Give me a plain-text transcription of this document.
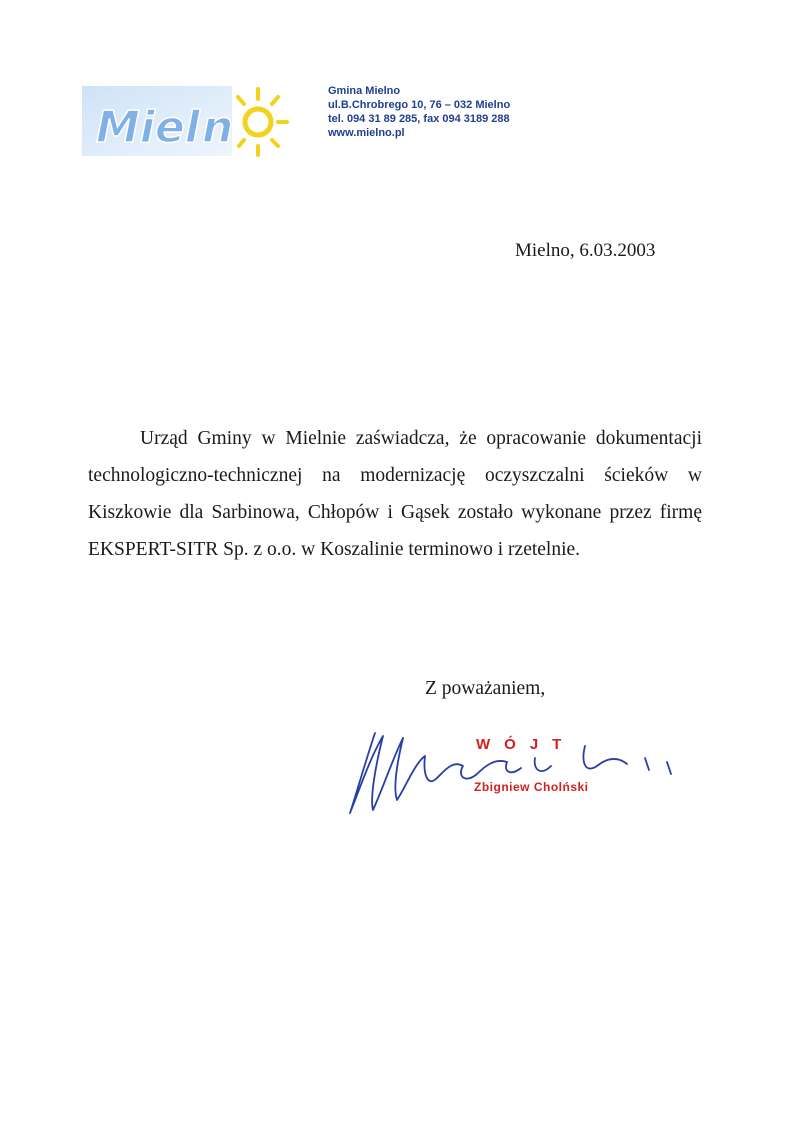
Miel n
Gmina Mielno
ul.B.Chrobrego 10, 76 – 032 Mielno
tel. 094 31 89 285, fax 094 3189 288
www.mielno.pl
Mielno, 6.03.2003

Urząd Gminy w Mielnie zaświadcza, że opracowanie dokumentacji technologiczno-technicznej na modernizację oczyszczalni ścieków w Kiszkowie dla Sarbinowa, Chłopów i Gąsek zostało wykonane przez firmę EKSPERT-SITR Sp. z o.o. w Koszalinie terminowo i rzetelnie.

Z poważaniem,
WÓJT
Zbigniew Cholński
